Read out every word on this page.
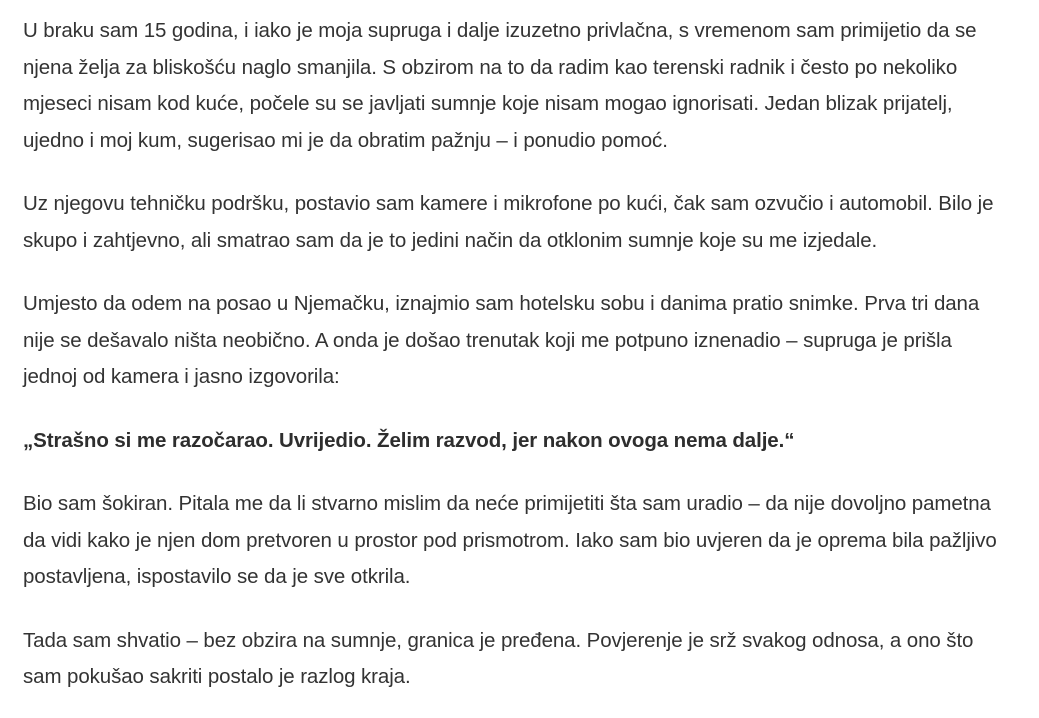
U braku sam 15 godina, i iako je moja supruga i dalje izuzetno privlačna, s vremenom sam primijetio da se njena želja za bliskošću naglo smanjila. S obzirom na to da radim kao terenski radnik i često po nekoliko mjeseci nisam kod kuće, počele su se javljati sumnje koje nisam mogao ignorisati. Jedan blizak prijatelj, ujedno i moj kum, sugerisao mi je da obratim pažnju – i ponudio pomoć.

Uz njegovu tehničku podršku, postavio sam kamere i mikrofone po kući, čak sam ozvučio i automobil. Bilo je skupo i zahtjevno, ali smatrao sam da je to jedini način da otklonim sumnje koje su me izjedale.

Umjesto da odem na posao u Njemačku, iznajmio sam hotelsku sobu i danima pratio snimke. Prva tri dana nije se dešavalo ništa neobično. A onda je došao trenutak koji me potpuno iznenadio – supruga je prišla jednoj od kamera i jasno izgovorila:

„Strašno si me razočarao. Uvrijedio. Želim razvod, jer nakon ovoga nema dalje.“

Bio sam šokiran. Pitala me da li stvarno mislim da neće primijetiti šta sam uradio – da nije dovoljno pametna da vidi kako je njen dom pretvoren u prostor pod prismotrom. Iako sam bio uvjeren da je oprema bila pažljivo postavljena, ispostavilo se da je sve otkrila.

Tada sam shvatio – bez obzira na sumnje, granica je pređena. Povjerenje je srž svakog odnosa, a ono što sam pokušao sakriti postalo je razlog kraja.
